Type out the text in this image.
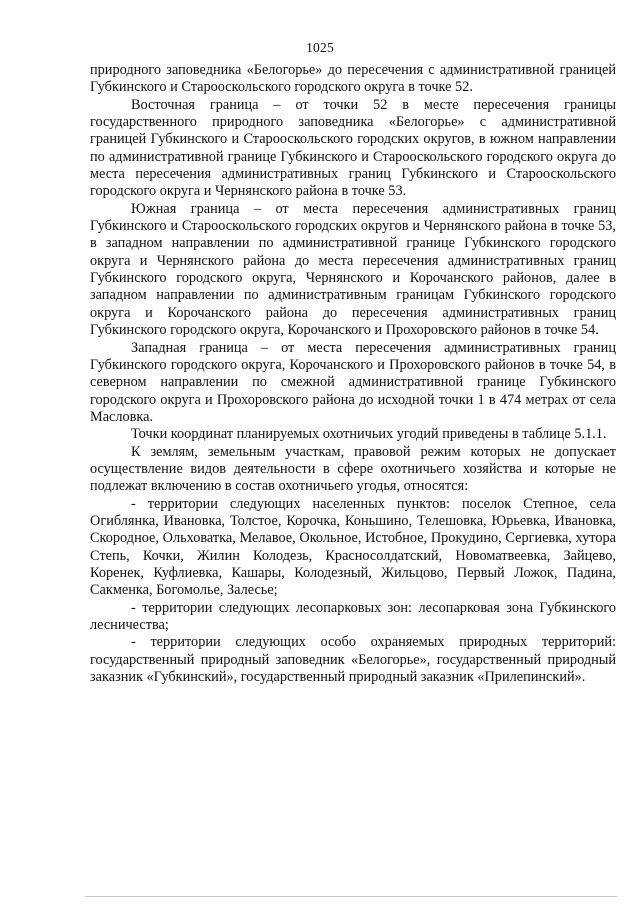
1025

природного заповедника «Белогорье» до пересечения с административной границей Губкинского и Старооскольского городского округа в точке 52.

Восточная граница – от точки 52 в месте пересечения границы государственного природного заповедника «Белогорье» с административной границей Губкинского и Старооскольского городских округов, в южном направлении по административной границе Губкинского и Старооскольского городского округа до места пересечения административных границ Губкинского и Старооскольского городского округа и Чернянского района в точке 53.

Южная граница – от места пересечения административных границ Губкинского и Старооскольского городских округов и Чернянского района в точке 53, в западном направлении по административной границе Губкинского городского округа и Чернянского района до места пересечения административных границ Губкинского городского округа, Чернянского и Корочанского районов, далее в западном направлении по административным границам Губкинского городского округа и Корочанского района до пересечения административных границ Губкинского городского округа, Корочанского и Прохоровского районов в точке 54.

Западная граница – от места пересечения административных границ Губкинского городского округа, Корочанского и Прохоровского районов в точке 54, в северном направлении по смежной административной границе Губкинского городского округа и Прохоровского района до исходной точки 1 в 474 метрах от села Масловка.

Точки координат планируемых охотничьих угодий приведены в таблице 5.1.1.

К землям, земельным участкам, правовой режим которых не допускает осуществление видов деятельности в сфере охотничьего хозяйства и которые не подлежат включению в состав охотничьего угодья, относятся:

- территории следующих населенных пунктов: поселок Степное, села Огиблянка, Ивановка, Толстое, Корочка, Коньшино, Телешовка, Юрьевка, Ивановка, Скородное, Ольховатка, Мелавое, Окольное, Истобное, Прокудино, Сергиевка, хутора Степь, Кочки, Жилин Колодезь, Красносолдатский, Новоматвеевка, Зайцево, Коренек, Куфлиевка, Кашары, Колодезный, Жильцово, Первый Ложок, Падина, Сакменка, Богомолье, Залесье;

- территории следующих лесопарковых зон: лесопарковая зона Губкинского лесничества;

- территории следующих особо охраняемых природных территорий: государственный природный заповедник «Белогорье», государственный природный заказник «Губкинский», государственный природный заказник «Прилепинский».
